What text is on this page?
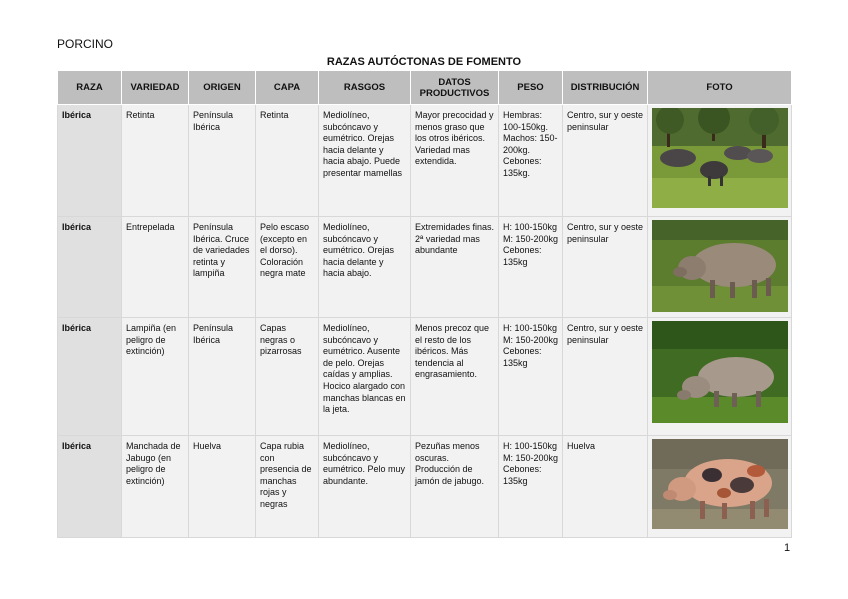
PORCINO
RAZAS AUTÓCTONAS DE FOMENTO
RAZA	VARIEDAD	ORIGEN	CAPA	RASGOS	DATOS PRODUCTIVOS	PESO	DISTRIBUCIÓN	FOTO
Ibérica	Retinta	Península Ibérica	Retinta	Mediolíneo, subcóncavo y eumétrico. Orejas hacia delante y hacia abajo. Puede presentar mamellas	Mayor precocidad y menos graso que los otros ibéricos. Variedad mas extendida.	Hembras: 100-150kg. Machos: 150-200kg. Cebones: 135kg.	Centro, sur y oeste peninsular	

Ibérica	Entrepelada	Península Ibérica. Cruce de variedades retinta y lampiña	Pelo escaso (excepto en el dorso). Coloración negra mate	Mediolíneo, subcóncavo y eumétrico. Orejas hacia delante y hacia abajo.	Extremidades finas. 2ª variedad mas abundante	H: 100-150kg M: 150-200kg Cebones: 135kg	Centro, sur y oeste peninsular	

Ibérica	Lampiña (en peligro de extinción)	Península Ibérica	Capas negras o pizarrosas	Mediolíneo, subcóncavo y eumétrico. Ausente de pelo. Orejas caídas y amplias. Hocico alargado con manchas blancas en la jeta.	Menos precoz que el resto de los ibéricos. Más tendencia al engrasamiento.	H: 100-150kg M: 150-200kg Cebones: 135kg	Centro, sur y oeste peninsular	

Ibérica	Manchada de Jabugo (en peligro de extinción)	Huelva	Capa rubia con presencia de manchas rojas y negras	Mediolíneo, subcóncavo y eumétrico. Pelo muy abundante.	Pezuñas menos oscuras. Producción de jamón de jabugo.	H: 100-150kg M: 150-200kg Cebones: 135kg	Huelva	
1
